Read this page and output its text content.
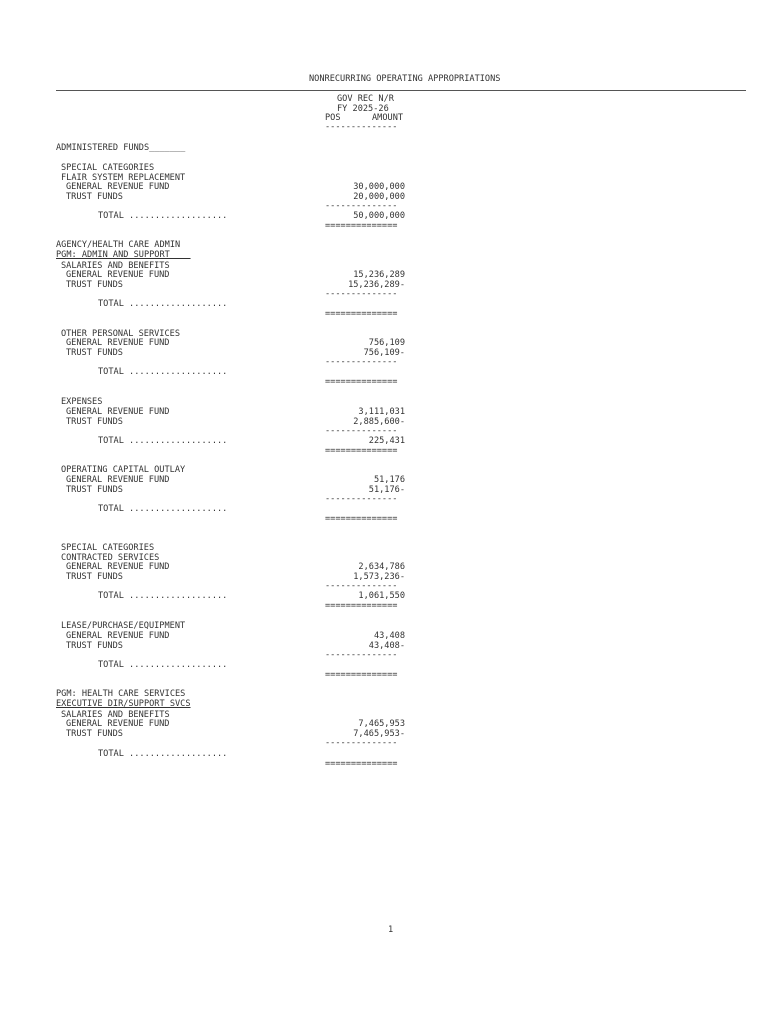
NONRECURRING OPERATING APPROPRIATIONS
GOV REC N/R
FY 2025-26
POS	AMOUNT
--------------
ADMINISTERED FUNDS_______
SPECIAL CATEGORIES
FLAIR SYSTEM REPLACEMENT
GENERAL REVENUE FUND	30,000,000
TRUST FUNDS	20,000,000
--------------
TOTAL ...................	50,000,000
==============
AGENCY/HEALTH CARE ADMIN
PGM: ADMIN AND SUPPORT ___
SALARIES AND BENEFITS
GENERAL REVENUE FUND	15,236,289
TRUST FUNDS	15,236,289-
--------------
TOTAL ...................
==============
OTHER PERSONAL SERVICES
GENERAL REVENUE FUND	756,109
TRUST FUNDS	756,109-
--------------
TOTAL ...................
==============
EXPENSES
GENERAL REVENUE FUND	3,111,031
TRUST FUNDS	2,885,600-
--------------
TOTAL ...................	225,431
==============
OPERATING CAPITAL OUTLAY
GENERAL REVENUE FUND	51,176
TRUST FUNDS	51,176-
--------------
TOTAL ...................
==============
SPECIAL CATEGORIES
CONTRACTED SERVICES
GENERAL REVENUE FUND	2,634,786
TRUST FUNDS	1,573,236-
--------------
TOTAL ...................	1,061,550
==============
LEASE/PURCHASE/EQUIPMENT
GENERAL REVENUE FUND	43,408
TRUST FUNDS	43,408-
--------------
TOTAL ...................
==============
PGM: HEALTH CARE SERVICES
EXECUTIVE DIR/SUPPORT SVCS
SALARIES AND BENEFITS
GENERAL REVENUE FUND	7,465,953
TRUST FUNDS	7,465,953-
--------------
TOTAL ...................
==============
1
